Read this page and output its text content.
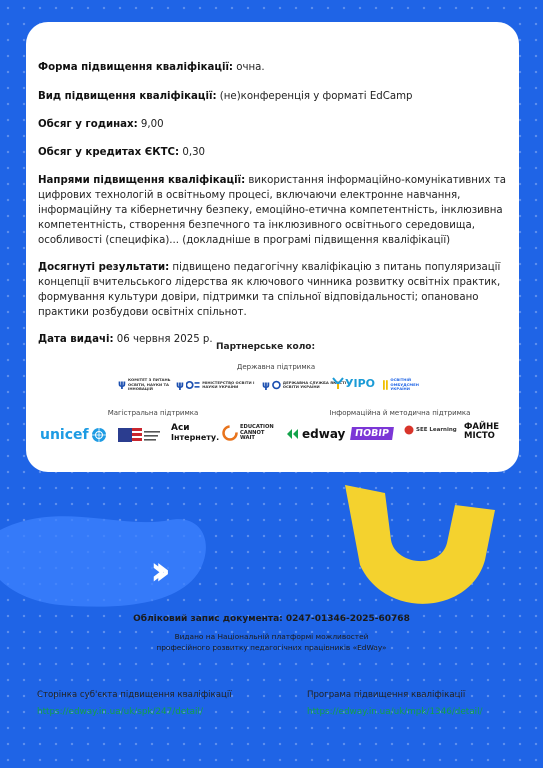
››
Форма підвищення кваліфікації: очна.
Вид підвищення кваліфікації: (не)конференція у форматі EdCamp
Обсяг у годинах: 9,00
Обсяг у кредитах ЄКТС: 0,30
Напрями підвищення кваліфікації: використання інформаційно-комунікативних та цифрових технологій в освітньому процесі, включаючи електронне навчання, інформаційну та кібернетичну безпеку, емоційно-етична компетентність, інклюзивна компетентність, створення безпечного та інклюзивного освітнього середовища, особливості (специфіка)... (докладніше в програмі підвищення кваліфікації)
Досягнуті результати: підвищено педагогічну кваліфікацію з питань популяризації концепції вчительського лідерства як ключового чинника розвитку освітніх практик, формування культури довіри, підтримки та спільної відповідальності; опановано практики розбудови освітніх спільнот.
Дата видачі: 06 червня 2025 р.
Партнерське коло:
Державна підтримка
Магістральна підтримка	Інформаційна й методична підтримка
ψ КОМІТЕТ З ПИТАНЬ ОСВІТИ, НАУКИ ТА ІННОВАЦІЙ	ψ	МІНІСТЕРСТВО ОСВІТИ І НАУКИ УКРАЇНИ	ψ	ДЕРЖАВНА СЛУЖБА ЯКОСТІ ОСВІТИ УКРАЇНИ	УІРО	ОСВІТНІЙ ОМБУДСМЕН УКРАЇНИ
unicef	Аси
Інтернету.
EDUCATION CANNOT WAIT	edway ПОВІР	SEE Learning ФАЙНЕ
МІСТО
Обліковий запис документа: 0247-01346-2025-60768
Видано на Національній платформі можливостей
професійного розвитку педагогічних працівників «EdWay»
Сторінка суб'єкта підвищення кваліфікації
https://edway.in.ua/uk/spk/247/detail/
Програма підвищення кваліфікації
https://edway.in.ua/uk/mpk/1346/detail/
